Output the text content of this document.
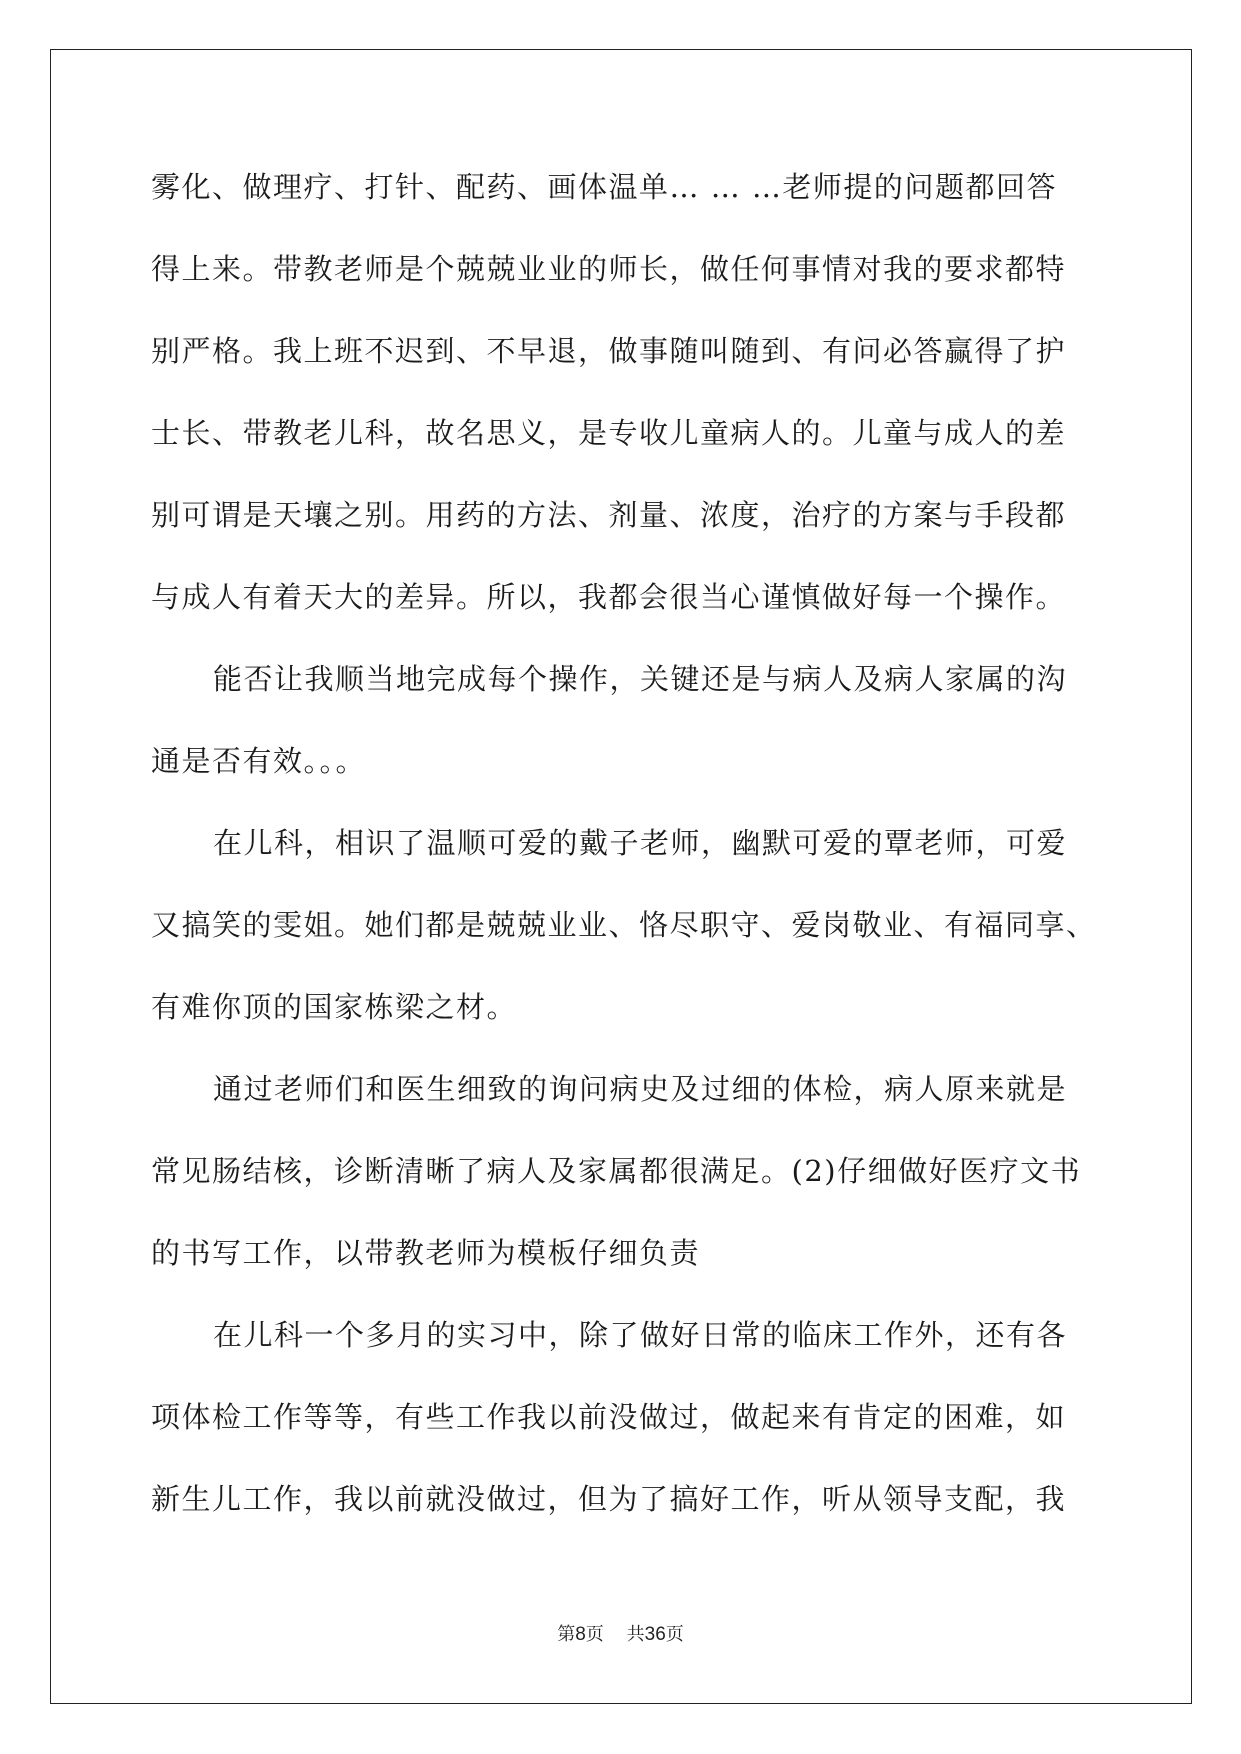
雾化、做理疗、打针、配药、画体温单… … …老师提的问题都回答
得上来。带教老师是个兢兢业业的师长，做任何事情对我的要求都特
别严格。我上班不迟到、不早退，做事随叫随到、有问必答赢得了护
士长、带教老儿科，故名思义，是专收儿童病人的。儿童与成人的差
别可谓是天壤之别。用药的方法、剂量、浓度，治疗的方案与手段都
与成人有着天大的差异。所以，我都会很当心谨慎做好每一个操作。
能否让我顺当地完成每个操作，关键还是与病人及病人家属的沟
通是否有效。。。
在儿科，相识了温顺可爱的戴子老师，幽默可爱的覃老师，可爱
又搞笑的雯姐。她们都是兢兢业业、恪尽职守、爱岗敬业、有福同享、
有难你顶的国家栋梁之材。
通过老师们和医生细致的询问病史及过细的体检，病人原来就是
常见肠结核，诊断清晰了病人及家属都很满足。(2)仔细做好医疗文书
的书写工作，以带教老师为模板仔细负责
在儿科一个多月的实习中，除了做好日常的临床工作外，还有各
项体检工作等等，有些工作我以前没做过，做起来有肯定的困难，如
新生儿工作，我以前就没做过，但为了搞好工作，听从领导支配，我
第8页 共36页
